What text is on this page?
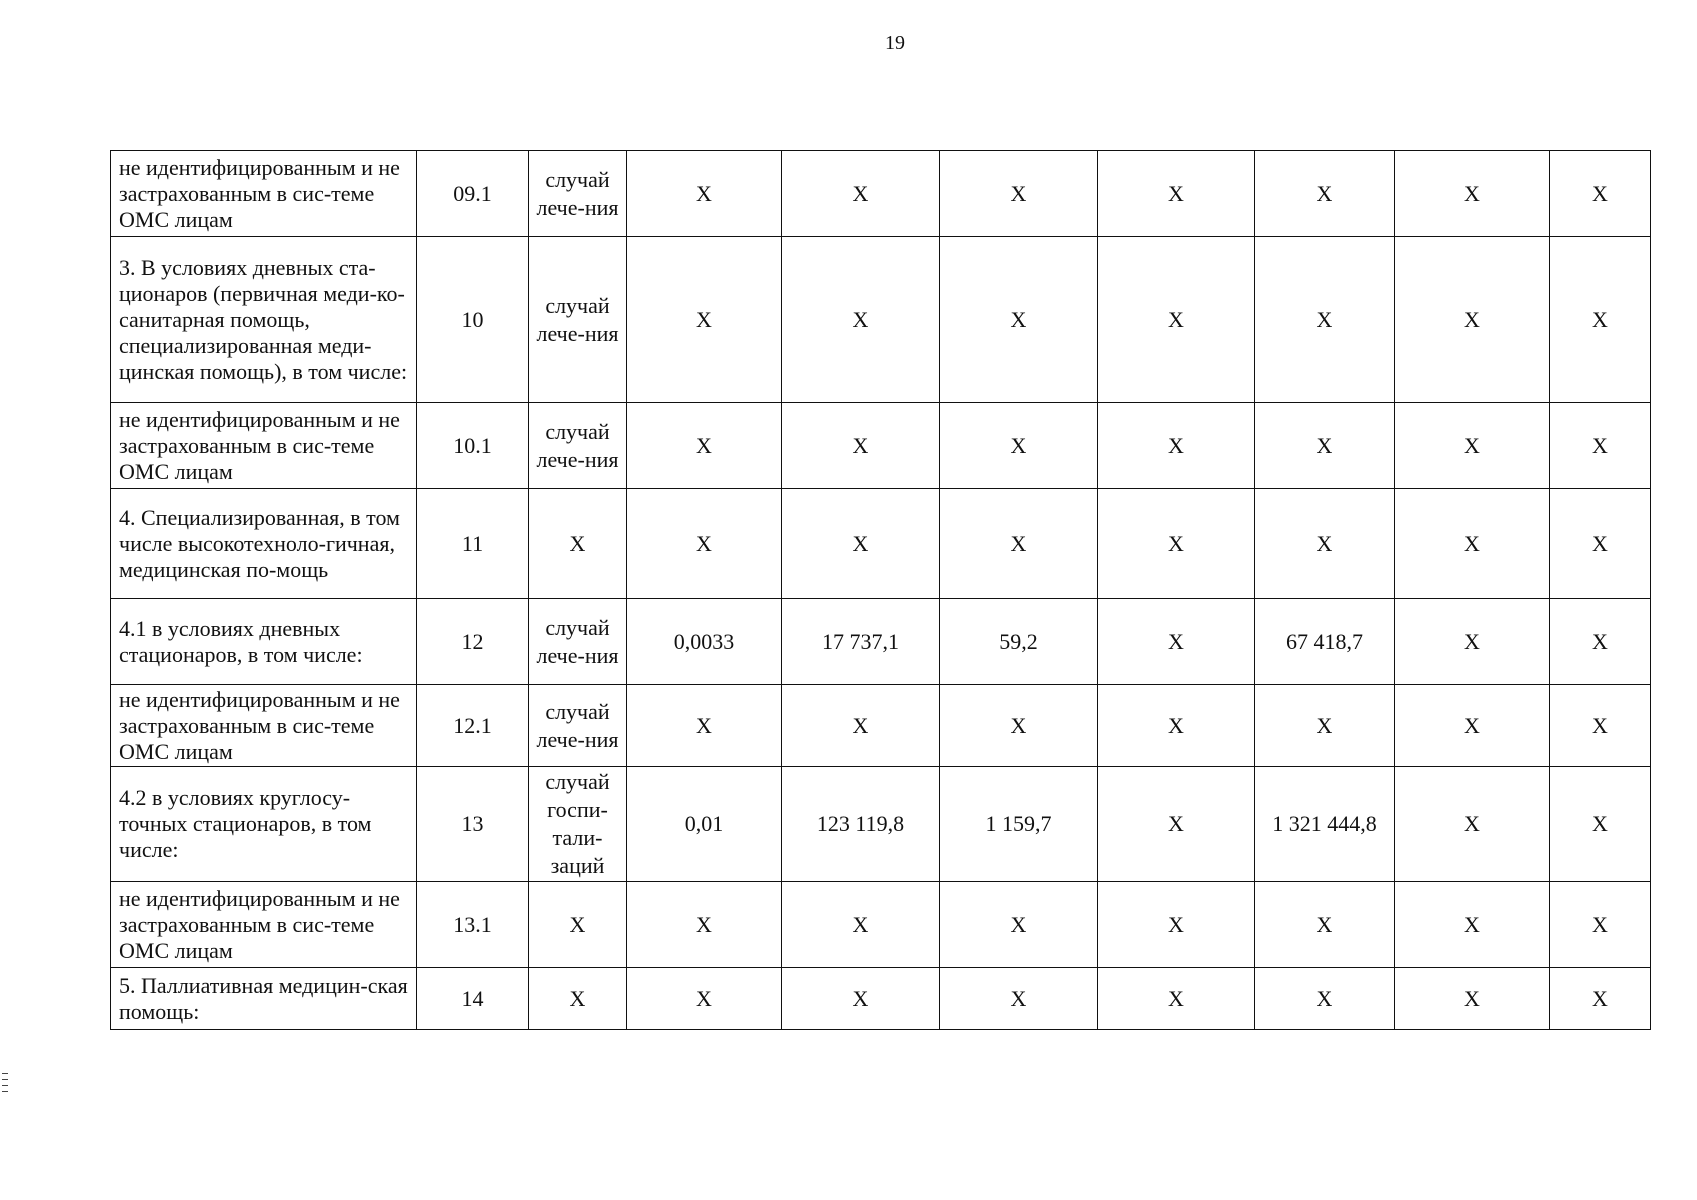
19
не идентифицированным и не застрахованным в сис-теме ОМС лицам	09.1	случай лече-ния	Х	Х	Х	Х	Х	Х	Х
3. В условиях дневных ста-ционаров (первичная меди-ко-санитарная помощь, специализированная меди-цинская помощь), в том числе:	10	случай лече-ния	Х	Х	Х	Х	Х	Х	Х
не идентифицированным и не застрахованным в сис-теме ОМС лицам	10.1	случай лече-ния	Х	Х	Х	Х	Х	Х	Х
4. Специализированная, в том числе высокотехноло-гичная, медицинская по-мощь	11	Х	Х	Х	Х	Х	Х	Х	Х
4.1 в условиях дневных стационаров, в том числе:	12	случай лече-ния	0,0033	17 737,1	59,2	Х	67 418,7	Х	Х
не идентифицированным и не застрахованным в сис-теме ОМС лицам	12.1	случай лече-ния	Х	Х	Х	Х	Х	Х	Х
4.2 в условиях круглосу-точных стационаров, в том числе:	13	случай госпи-тали-заций	0,01	123 119,8	1 159,7	Х	1 321 444,8	Х	Х
не идентифицированным и не застрахованным в сис-теме ОМС лицам	13.1	Х	Х	Х	Х	Х	Х	Х	Х
5. Паллиативная медицин-ская помощь:	14	Х	Х	Х	Х	Х	Х	Х	Х
